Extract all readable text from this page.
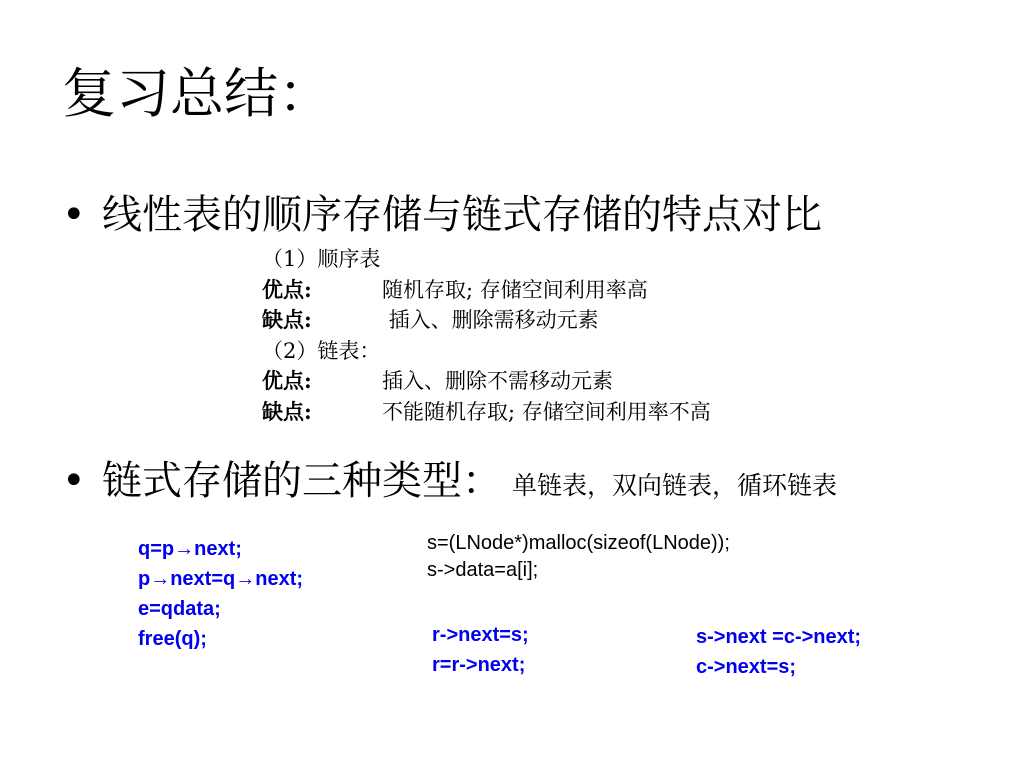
复习总结：
• 线性表的顺序存储与链式存储的特点对比
（1）顺序表
优点:	随机存取; 存储空间利用率高
缺点:	插入、删除需移动元素
（2）链表：
优点:	插入、删除不需移动元素
缺点:	不能随机存取; 存储空间利用率不高
• 链式存储的三种类型： 单链表，双向链表，循环链表
q=p→next;
p→next=q→next;
e=qdata;
free(q);
s=(LNode*)malloc(sizeof(LNode));
s->data=a[i];
r->next=s;
r=r->next;
s->next =c->next;
c->next=s;
